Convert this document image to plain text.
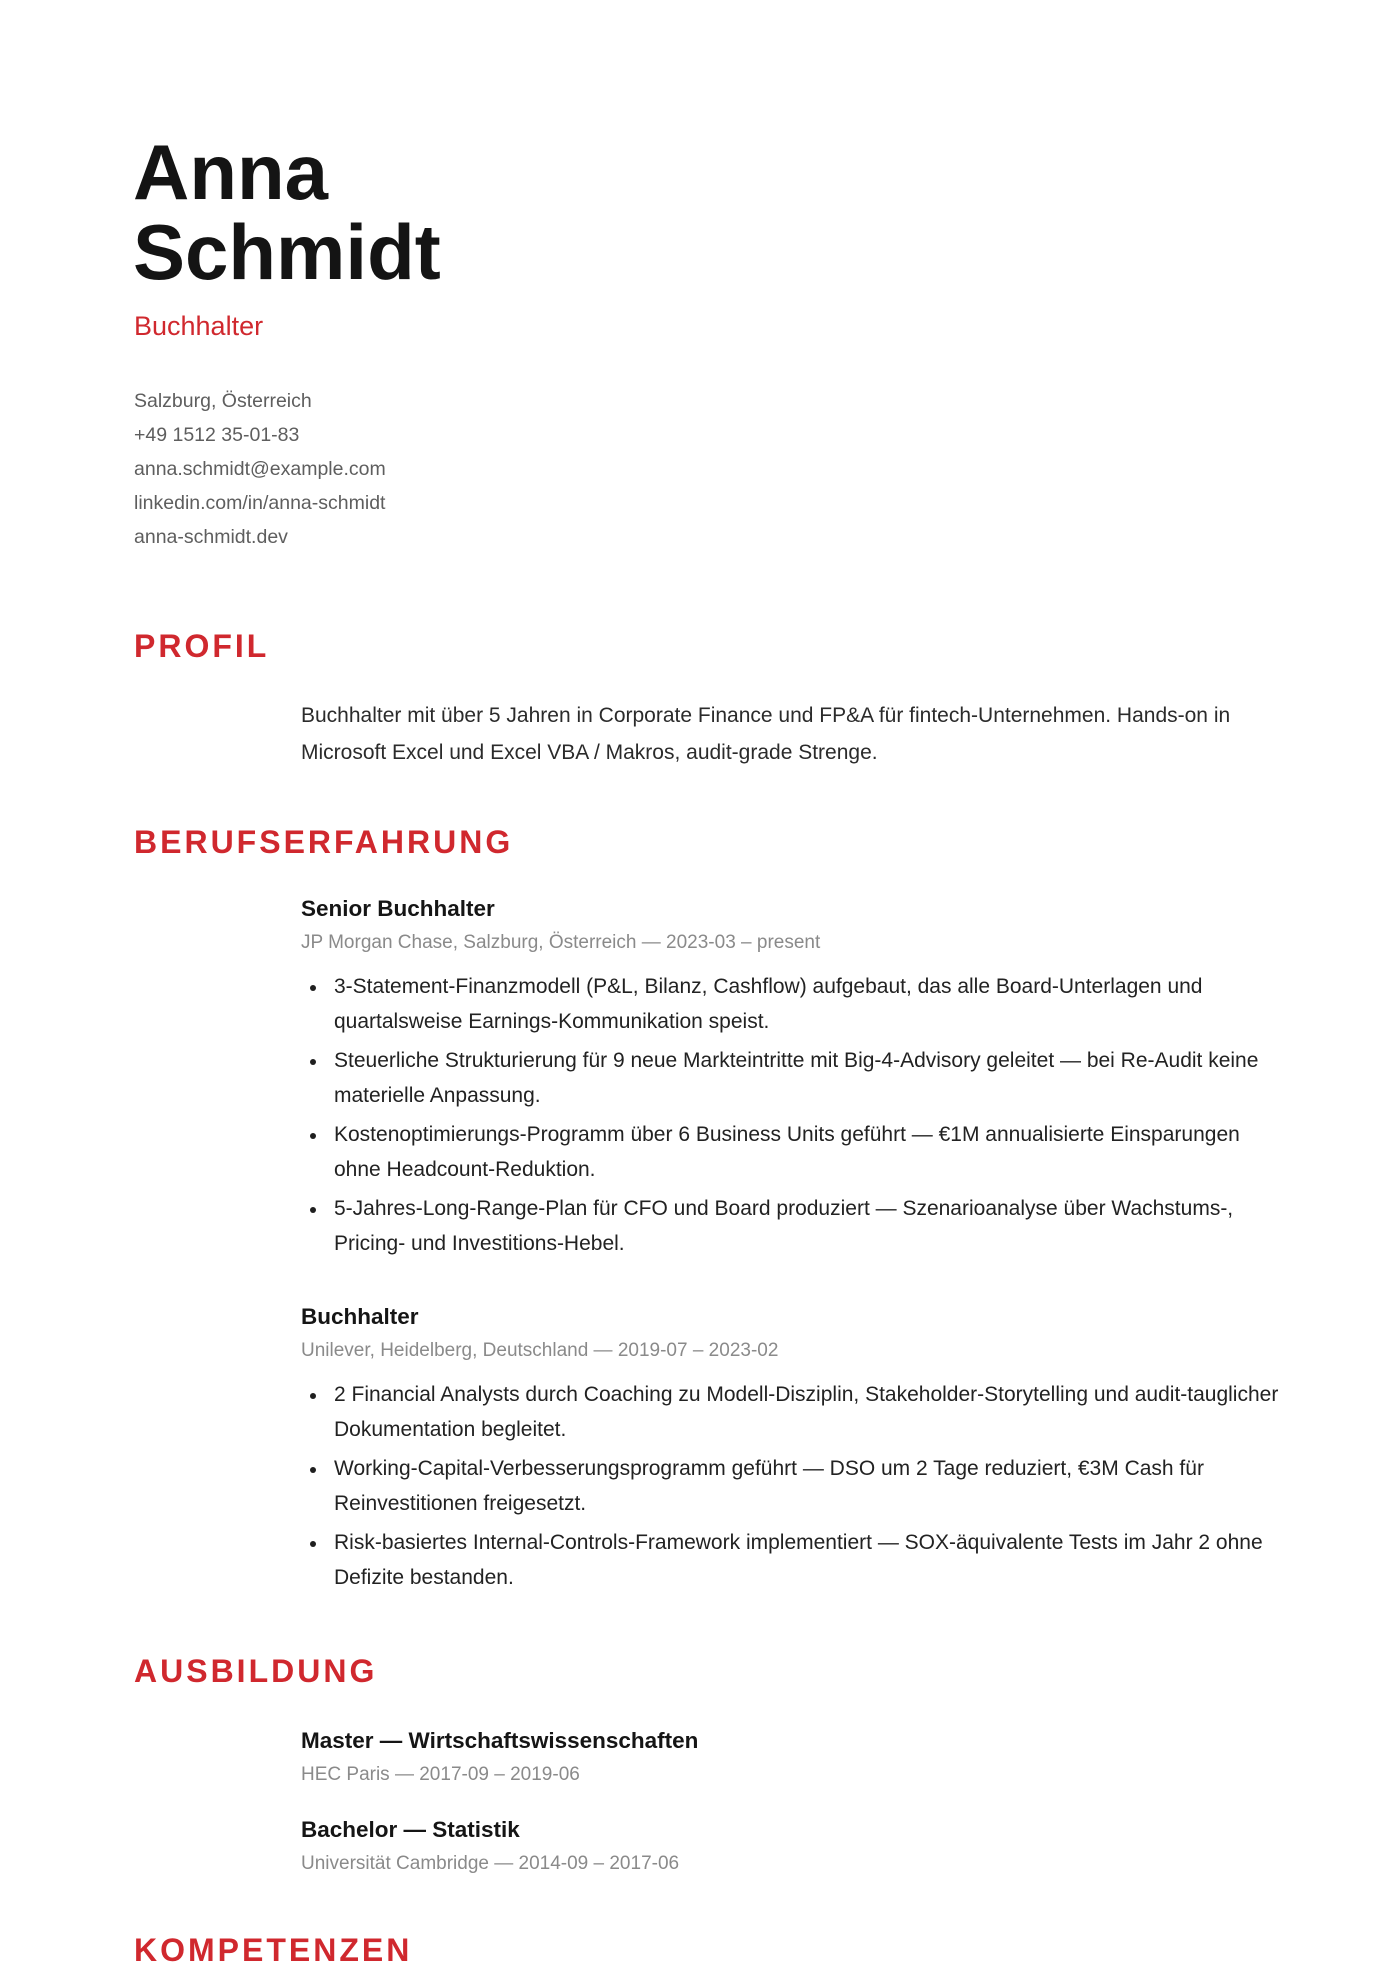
Anna
Schmidt
Buchhalter
Salzburg, Österreich
+49 1512 35-01-83
anna.schmidt@example.com
linkedin.com/in/anna-schmidt
anna-schmidt.dev
PROFIL

Buchhalter mit über 5 Jahren in Corporate Finance und FP&A für fintech-Unternehmen. Hands-on in Microsoft Excel und Excel VBA / Makros, audit-grade Strenge.

BERUFSERFAHRUNG
Senior Buchhalter
JP Morgan Chase, Salzburg, Österreich — 2023-03 – present
3-Statement-Finanzmodell (P&L, Bilanz, Cashflow) aufgebaut, das alle Board-Unterlagen und quartalsweise Earnings-Kommunikation speist.
Steuerliche Strukturierung für 9 neue Markteintritte mit Big-4-Advisory geleitet — bei Re-Audit keine materielle Anpassung.
Kostenoptimierungs-Programm über 6 Business Units geführt — €1M annualisierte Einsparungen ohne Headcount-Reduktion.
5-Jahres-Long-Range-Plan für CFO und Board produziert — Szenarioanalyse über Wachstums-, Pricing- und Investitions-Hebel.
Buchhalter
Unilever, Heidelberg, Deutschland — 2019-07 – 2023-02
2 Financial Analysts durch Coaching zu Modell-Disziplin, Stakeholder-Storytelling und audit-tauglicher Dokumentation begleitet.
Working-Capital-Verbesserungsprogramm geführt — DSO um 2 Tage reduziert, €3M Cash für Reinvestitionen freigesetzt.
Risk-basiertes Internal-Controls-Framework implementiert — SOX-äquivalente Tests im Jahr 2 ohne Defizite bestanden.
AUSBILDUNG
Master — Wirtschaftswissenschaften
HEC Paris — 2017-09 – 2019-06
Bachelor — Statistik
Universität Cambridge — 2014-09 – 2017-06
KOMPETENZEN
